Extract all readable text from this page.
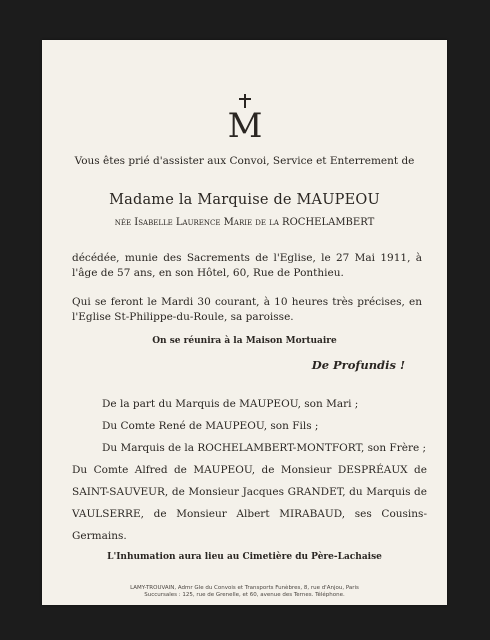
M
Vous êtes prié d'assister aux Convoi, Service et Enterrement de
Madame la Marquise de MAUPEOU
née Isabelle Laurence Marie de la ROCHELAMBERT
décédée, munie des Sacrements de l'Eglise, le 27 Mai 1911, à l'âge de 57 ans, en son Hôtel, 60, Rue de Ponthieu.
Qui se feront le Mardi 30 courant, à 10 heures très précises, en l'Eglise St-Philippe-du-Roule, sa paroisse.
On se réunira à la Maison Mortuaire
De Profundis !
De la part du Marquis de MAUPEOU, son Mari ;
Du Comte René de MAUPEOU, son Fils ;
Du Marquis de la ROCHELAMBERT-MONTFORT, son Frère ;
Du Comte Alfred de MAUPEOU, de Monsieur DESPRÉAUX de SAINT-SAUVEUR, de Monsieur Jacques GRANDET, du Marquis de VAULSERRE, de Monsieur Albert MIRABAUD, ses Cousins-Germains.
L'Inhumation aura lieu au Cimetière du Père-Lachaise
LAMY-TROUVAIN, Admr Gle du Convois et Transports Funèbres, 8, rue d'Anjou, Paris
Succursales : 125, rue de Grenelle, et 60, avenue des Ternes. Téléphone.
